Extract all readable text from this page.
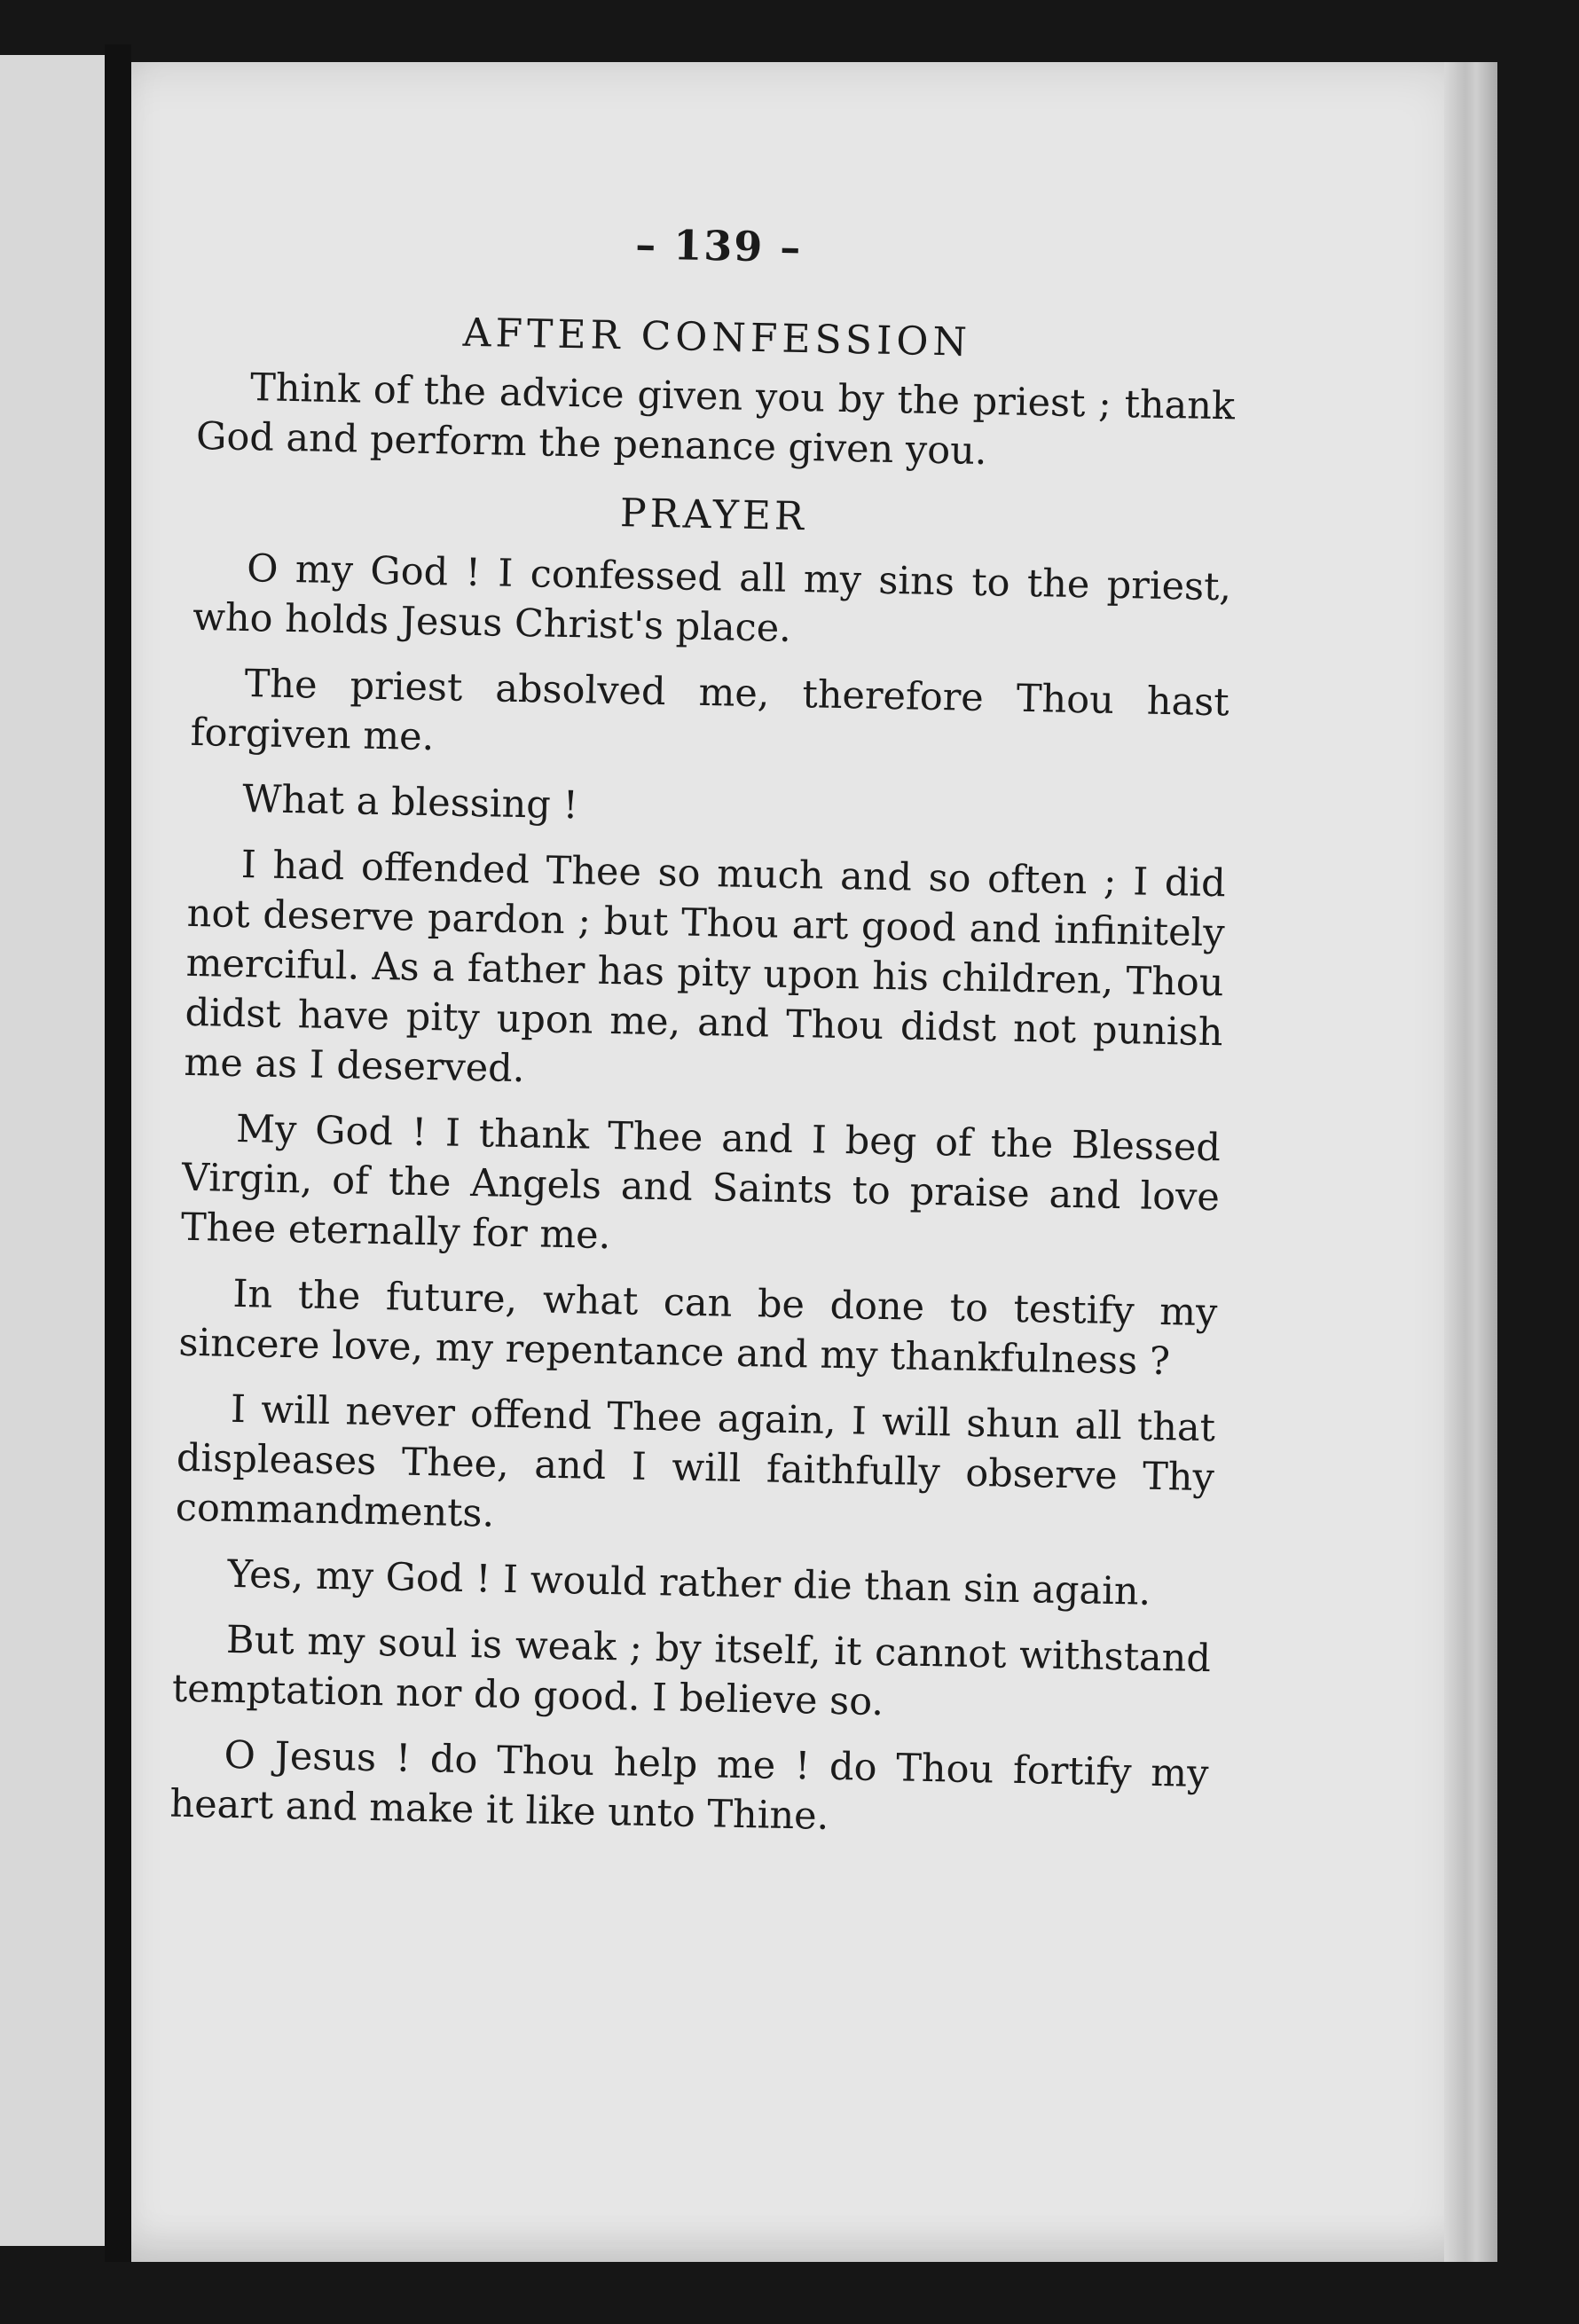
– 139 –
AFTER CONFESSION

Think of the advice given you by the priest ; thank God and perform the penance given you.

PRAYER

O my God ! I confessed all my sins to the priest, who holds Jesus Christ's place.

The priest absolved me, therefore Thou hast forgiven me.

What a blessing !

I had offended Thee so much and so often ; I did not deserve pardon ; but Thou art good and infinitely merciful. As a father has pity upon his children, Thou didst have pity upon me, and Thou didst not punish me as I deserved.

My God ! I thank Thee and I beg of the Blessed Virgin, of the Angels and Saints to praise and love Thee eternally for me.

In the future, what can be done to testify my sincere love, my repentance and my thankfulness ?

I will never offend Thee again, I will shun all that displeases Thee, and I will faithfully observe Thy commandments.

Yes, my God ! I would rather die than sin again.

But my soul is weak ; by itself, it cannot withstand temptation nor do good. I believe so.

O Jesus ! do Thou help me ! do Thou fortify my heart and make it like unto Thine.
